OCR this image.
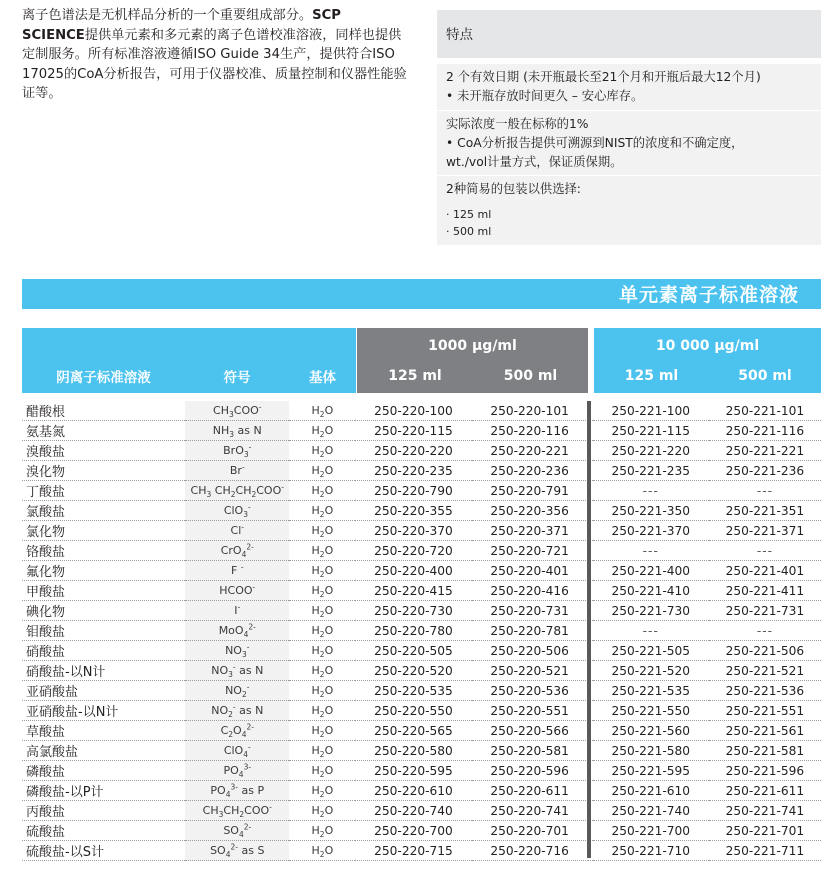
离子色谱法是无机样品分析的一个重要组成部分。SCP SCIENCE提供单元素和多元素的离子色谱校准溶液，同样也提供定制服务。所有标准溶液遵循ISO Guide 34生产，提供符合ISO 17025的CoA分析报告，可用于仪器校准、质量控制和仪器性能验证等。
特点
2 个有效日期 (未开瓶最长至21个月和开瓶后最大12个月)
• 未开瓶存放时间更久 – 安心库存。
实际浓度一般在标称的1%
• CoA分析报告提供可溯源到NIST的浓度和不确定度，
wt./vol计量方式，保证质保期。
2种简易的包装以供选择:
· 125 ml
· 500 ml
单元素离子标准溶液
阴离子标准溶液	符号	基体
1000 μg/ml
125 ml	500 ml
10 000 μg/ml
125 ml	500 ml
醋酸根	$CH_3COO^-$	$H_2O$	250-220-100	250-220-101		250-221-100	250-221-101
氨基氮	$NH_3$ as N	$H_2O$	250-220-115	250-220-116		250-221-115	250-221-116
溴酸盐	BrO$_3$-	$H_2O$	250-220-220	250-220-221		250-221-220	250-221-221
溴化物	Br-	$H_2O$	250-220-235	250-220-236		250-221-235	250-221-236
丁酸盐	$CH_3$ $CH_2CH_2COO^-$	$H_2O$	250-220-790	250-220-791		---	---
氯酸盐	ClO$_3$-	$H_2O$	250-220-355	250-220-356		250-221-350	250-221-351
氯化物	Cl-	$H_2O$	250-220-370	250-220-371		250-221-370	250-221-371
铬酸盐	CrO$_4^{2-}$	$H_2O$	250-220-720	250-220-721		---	---
氟化物	F -	$H_2O$	250-220-400	250-220-401		250-221-400	250-221-401
甲酸盐	HCOO-	$H_2O$	250-220-415	250-220-416		250-221-410	250-221-411
碘化物	I-	$H_2O$	250-220-730	250-220-731		250-221-730	250-221-731
钼酸盐	MoO$_4^{2-}$	$H_2O$	250-220-780	250-220-781		---	---
硝酸盐	$NO_3^-$	$H_2O$	250-220-505	250-220-506		250-221-505	250-221-506
硝酸盐-以N计	$NO_3^-$ as N	$H_2O$	250-220-520	250-220-521		250-221-520	250-221-521
亚硝酸盐	$NO_2^-$	$H_2O$	250-220-535	250-220-536		250-221-535	250-221-536
亚硝酸盐-以N计	$NO_2^-$ as N	$H_2O$	250-220-550	250-220-551		250-221-550	250-221-551
草酸盐	$C_2O_4^{2-}$	$H_2O$	250-220-565	250-220-566		250-221-560	250-221-561
高氯酸盐	ClO$_4$-	$H_2O$	250-220-580	250-220-581		250-221-580	250-221-581
磷酸盐	$PO_4^{3-}$	$H_2O$	250-220-595	250-220-596		250-221-595	250-221-596
磷酸盐-以P计	$PO_4^{3-}$ as P	$H_2O$	250-220-610	250-220-611		250-221-610	250-221-611
丙酸盐	$CH_3CH_2COO^-$	$H_2O$	250-220-740	250-220-741		250-221-740	250-221-741
硫酸盐	$SO_4^{2-}$	$H_2O$	250-220-700	250-220-701		250-221-700	250-221-701
硫酸盐-以S计	$SO_4^{2-}$ as S	$H_2O$	250-220-715	250-220-716		250-221-710	250-221-711
